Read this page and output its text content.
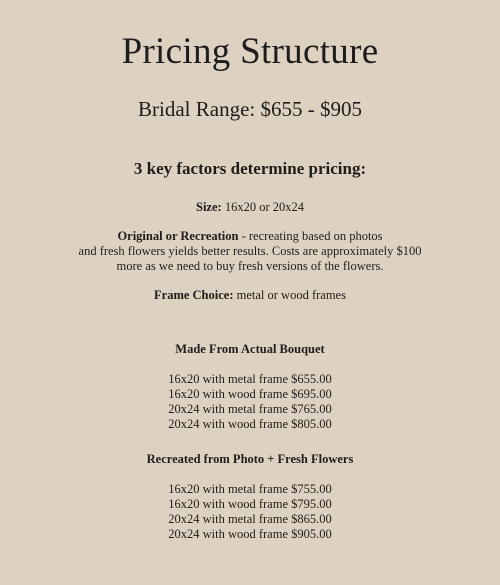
Pricing Structure
Bridal Range: $655 - $905
3 key factors determine pricing:
Size: 16x20 or 20x24
Original or Recreation - recreating based on photos
and fresh flowers yields better results. Costs are approximately $100
more as we need to buy fresh versions of the flowers.
Frame Choice: metal or wood frames
Made From Actual Bouquet
16x20 with metal frame $655.00
16x20 with wood frame $695.00
20x24 with metal frame $765.00
20x24 with wood frame $805.00
Recreated from Photo + Fresh Flowers
16x20 with metal frame $755.00
16x20 with wood frame $795.00
20x24 with metal frame $865.00
20x24 with wood frame $905.00
